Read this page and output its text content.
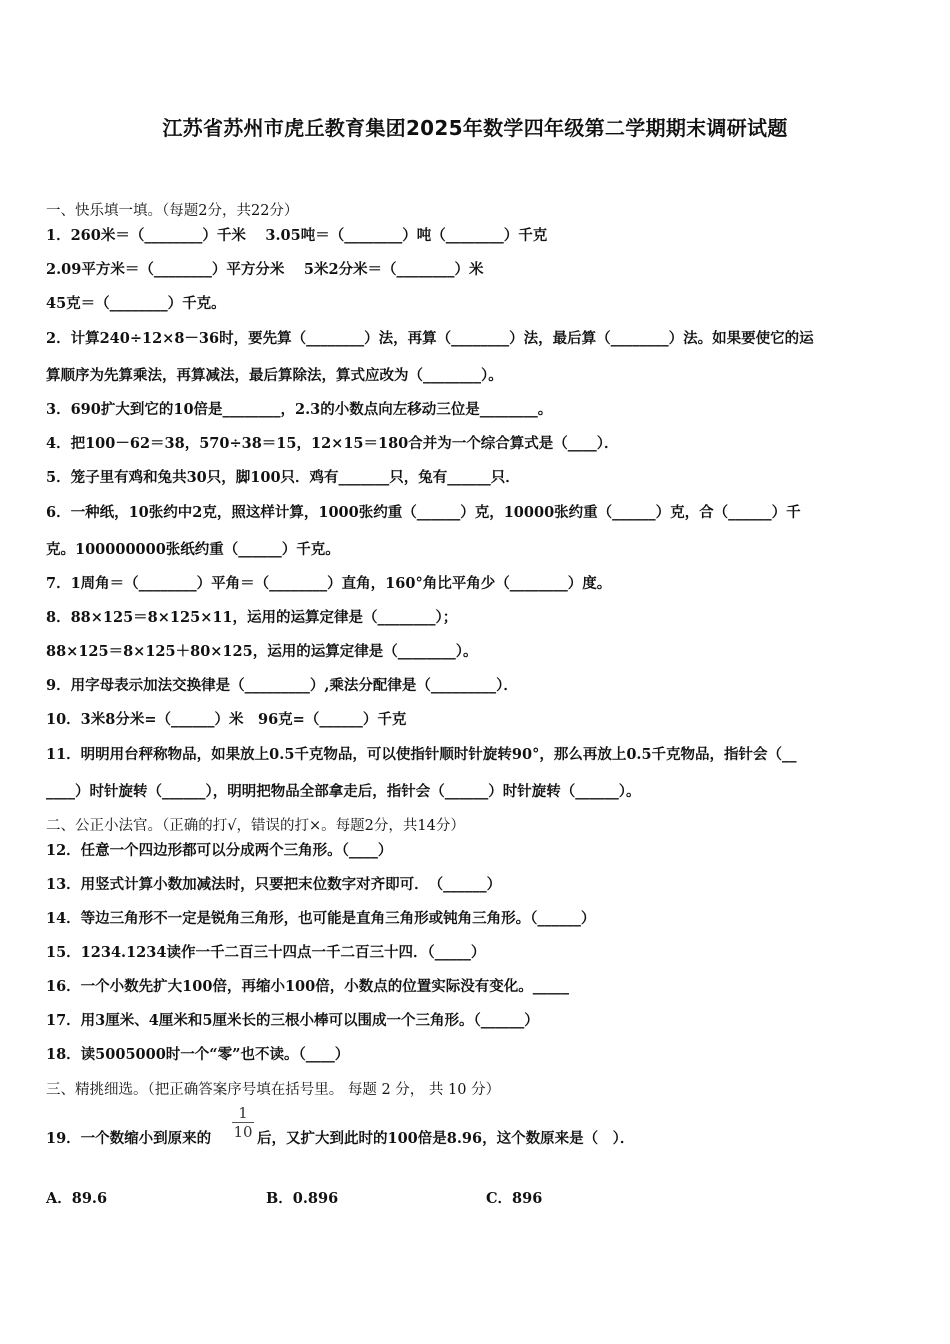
江苏省苏州市虎丘教育集团2025年数学四年级第二学期期末调研试题
一、快乐填一填。（每题2分，共22分）
1．260米＝（________）千米　 3.05吨＝（________）吨（________）千克
2.09平方米＝（________）平方分米　 5米2分米＝（________）米
45克＝（________）千克。
2．计算240÷12×8－36时，要先算（________）法，再算（________）法，最后算（________）法。如果要使它的运
算顺序为先算乘法，再算减法，最后算除法，算式应改为（________）。
3．690扩大到它的10倍是________，2.3的小数点向左移动三位是________。
4．把100－62＝38，570÷38＝15，12×15＝180合并为一个综合算式是（____）．
5．笼子里有鸡和兔共30只，脚100只．鸡有_______只，兔有______只．
6．一种纸，10张约中2克，照这样计算，1000张约重（______）克，10000张约重（______）克，合（______）千
克。100000000张纸约重（______）千克。
7．1周角＝（________）平角＝（________）直角，160°角比平角少（________）度。
8．88×125＝8×125×11，运用的运算定律是（________）；
88×125＝8×125＋80×125，运用的运算定律是（________）。
9．用字母表示加法交换律是（_________）,乘法分配律是（_________）．
10．3米8分米=（______）米　96克=（______）千克
11．明明用台秤称物品，如果放上0.5千克物品，可以使指针顺时针旋转90°，那么再放上0.5千克物品，指针会（__
____）时针旋转（______），明明把物品全部拿走后，指针会（______）时针旋转（______）。
二、公正小法官。（正确的打√，错误的打×。每题2分，共14分）
12．任意一个四边形都可以分成两个三角形。（____）
13．用竖式计算小数加减法时，只要把末位数字对齐即可．　（______）
14．等边三角形不一定是锐角三角形，也可能是直角三角形或钝角三角形。（______）
15．1234.1234读作一千二百三十四点一千二百三十四．（_____）
16．一个小数先扩大100倍，再缩小100倍，小数点的位置实际没有变化。_____
17．用3厘米、4厘米和5厘米长的三根小棒可以围成一个三角形。（______）
18．读5005000时一个“零”也不读。（____）
三、精挑细选。（把正确答案序号填在括号里。 每题 2 分， 共 10 分）
19．一个数缩小到原来的 $\frac{1}{10}$ 后，又扩大到此时的100倍是8.96，这个数原来是（　）．
A．89.6	B．0.896	C．896
